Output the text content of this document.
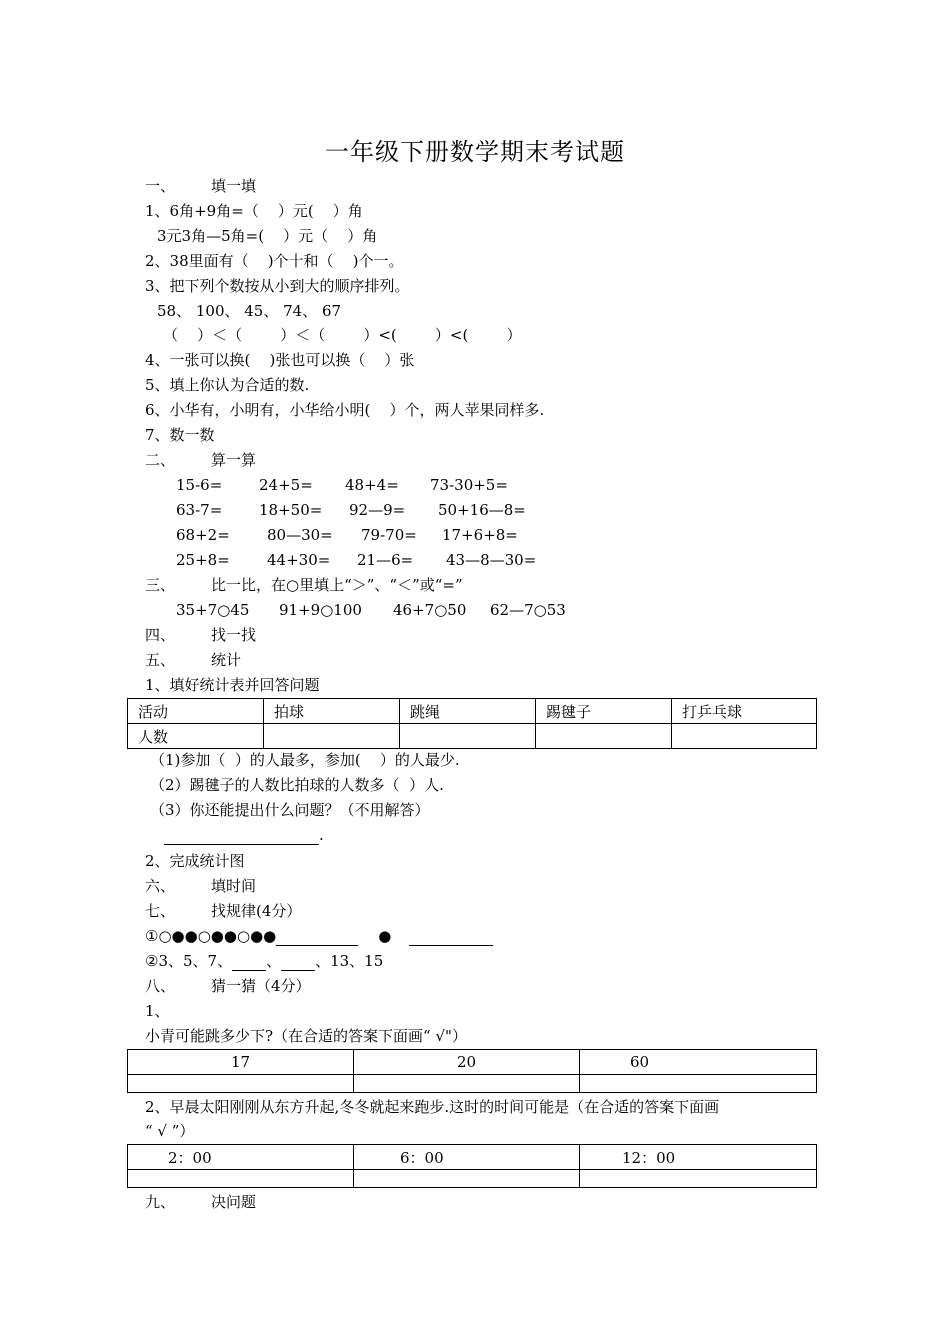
一年级下册数学期末考试题
一、 填一填
1、6角+9角=（    ）元(    ）角
3元3角—5角=(    ）元（    ）角
2、38里面有（    )个十和（    )个一。
3、把下列个数按从小到大的顺序排列。
58、 100、 45、 74、 67
（    ）＜（        ）＜（        ）<(        ）<(        ）
4、一张可以换(    )张也可以换（    ）张
5、填上你认为合适的数.
6、小华有，小明有，小华给小明(    ）个，两人苹果同样多.
7、数一数
二、 算一算
15-6= 24+5= 48+4= 73-30+5=
63-7= 18+50= 92—9= 50+16—8=
68+2= 80—30= 79-70= 17+6+8=
25+8= 44+30= 21—6= 43—8—30=
三、 比一比，在○里填上“＞”、“＜”或“=”
35+7○45 91+9○100 46+7○50 62—7○53
四、 找一找
五、 统计
1、填好统计表并回答问题
活动	拍球	跳绳	踢毽子	打乒乓球
人数				
（1)参加（  ）的人最多，参加(    ）的人最少.
（2）踢毽子的人数比拍球的人数多（  ）人.
（3）你还能提出什么问题？（不用解答）
.
2、完成统计图
六、 填时间
七、 找规律(4分）
①○●●○●●○●●	●
②3、5、7、 、 、13、15
八、 猜一猜（4分）
1、
小青可能跳多少下?（在合适的答案下面画“ √"）
17	20	60

2、早晨太阳刚刚从东方升起,冬冬就起来跑步.这时的时间可能是（在合适的答案下面画
“ √ ”）
2：00	6：00	12：00

九、 决问题
